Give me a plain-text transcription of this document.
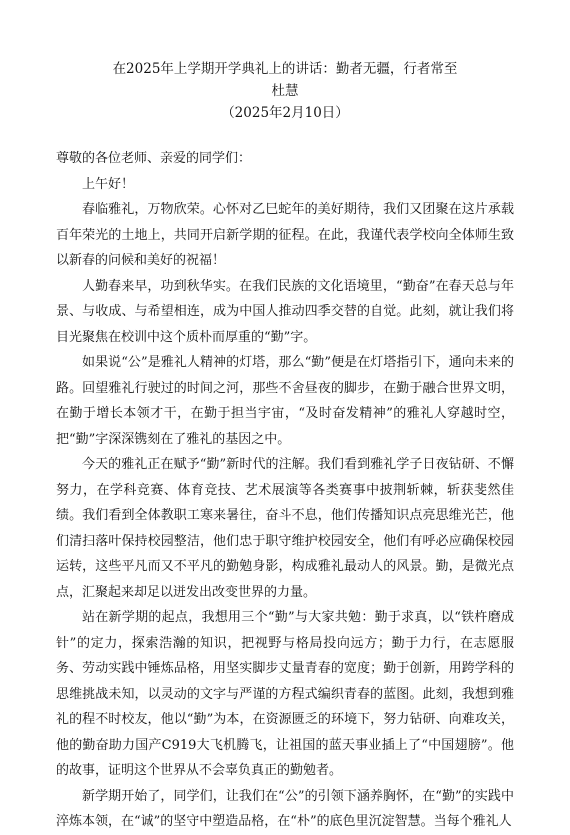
在2025年上学期开学典礼上的讲话：勤者无疆，行者常至
杜慧
（2025年2月10日）
尊敬的各位老师、亲爱的同学们：
上午好！
春临雅礼，万物欣荣。心怀对乙巳蛇年的美好期待，我们又团聚在这片承载百年荣光的土地上，共同开启新学期的征程。在此，我谨代表学校向全体师生致以新春的问候和美好的祝福！
人勤春来早，功到秋华实。在我们民族的文化语境里，“勤奋”在春天总与年景、与收成、与希望相连，成为中国人推动四季交替的自觉。此刻，就让我们将目光聚焦在校训中这个质朴而厚重的“勤”字。
如果说“公”是雅礼人精神的灯塔，那么“勤”便是在灯塔指引下，通向未来的路。回望雅礼行驶过的时间之河，那些不舍昼夜的脚步，在勤于融合世界文明，在勤于增长本领才干，在勤于担当宇宙，“及时奋发精神”的雅礼人穿越时空，把“勤”字深深镌刻在了雅礼的基因之中。
今天的雅礼正在赋予“勤”新时代的注解。我们看到雅礼学子日夜钻研、不懈努力，在学科竞赛、体育竞技、艺术展演等各类赛事中披荆斩棘，斩获斐然佳绩。我们看到全体教职工寒来暑往，奋斗不息，他们传播知识点亮思维光芒，他们清扫落叶保持校园整洁，他们忠于职守维护校园安全，他们有呼必应确保校园运转，这些平凡而又不平凡的勤勉身影，构成雅礼最动人的风景。勤，是微光点点，汇聚起来却足以迸发出改变世界的力量。
站在新学期的起点，我想用三个“勤”与大家共勉：勤于求真，以“铁杵磨成针”的定力，探索浩瀚的知识，把视野与格局投向远方；勤于力行，在志愿服务、劳动实践中锤炼品格，用坚实脚步丈量青春的宽度；勤于创新，用跨学科的思维挑战未知，以灵动的文字与严谨的方程式编织青春的蓝图。此刻，我想到雅礼的程不时校友，他以“勤”为本，在资源匮乏的环境下，努力钻研、向难攻关，他的勤奋助力国产C919大飞机腾飞，让祖国的蓝天事业插上了“中国翅膀”。他的故事，证明这个世界从不会辜负真正的勤勉者。
新学期开始了，同学们，让我们在“公”的引领下涵养胸怀，在“勤”的实践中淬炼本领，在“诚”的坚守中塑造品格，在“朴”的底色里沉淀智慧。当每个雅礼人
